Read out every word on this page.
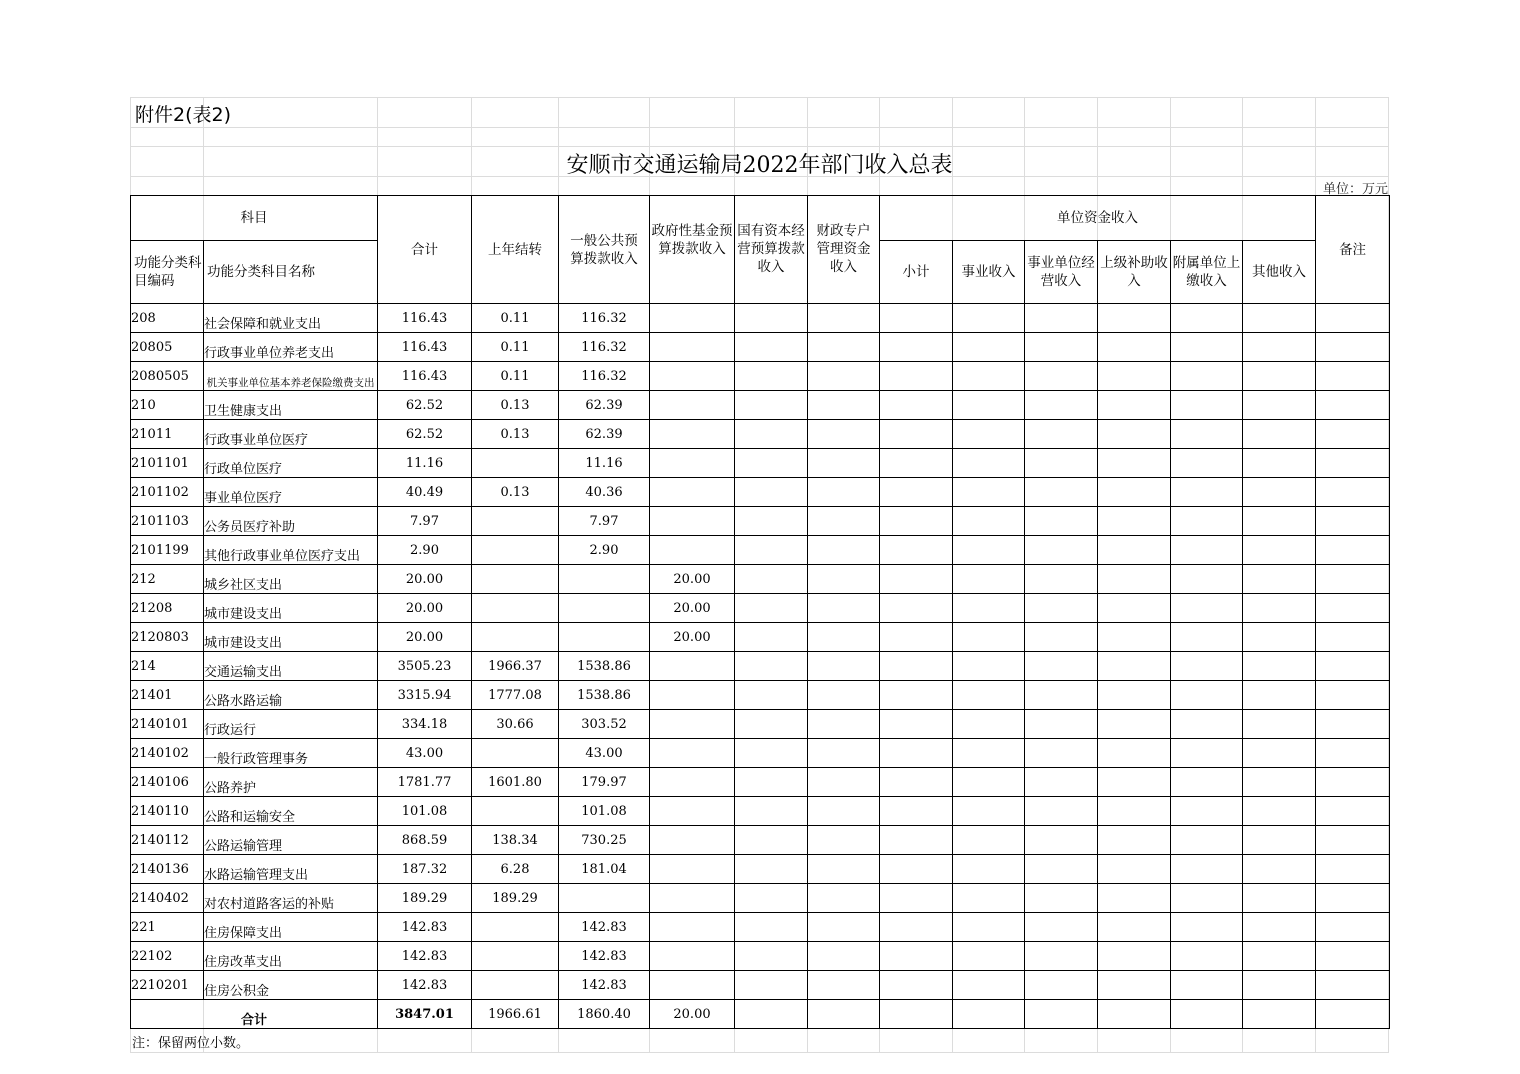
附件2(表2)
安顺市交通运输局2022年部门收入总表
单位：万元
科目		合计	上年结转	一般公共预算拨款收入	政府性基金预算拨款收入	国有资本经营预算拨款收入	财政专户管理资金收入	单位资金收入						备注
功能分类科目编码	功能分类科目名称							小计	事业收入	事业单位经营收入	上级补助收入	附属单位上缴收入	其他收入	
208	社会保障和就业支出	116.43	0.11	116.32										
20805	行政事业单位养老支出	116.43	0.11	116.32										
2080505	机关事业单位基本养老保险缴费支出	116.43	0.11	116.32										
210	卫生健康支出	62.52	0.13	62.39										
21011	行政事业单位医疗	62.52	0.13	62.39										
2101101	行政单位医疗	11.16		11.16										
2101102	事业单位医疗	40.49	0.13	40.36										
2101103	公务员医疗补助	7.97		7.97										
2101199	其他行政事业单位医疗支出	2.90		2.90										
212	城乡社区支出	20.00			20.00									
21208	城市建设支出	20.00			20.00									
2120803	城市建设支出	20.00			20.00									
214	交通运输支出	3505.23	1966.37	1538.86										
21401	公路水路运输	3315.94	1777.08	1538.86										
2140101	行政运行	334.18	30.66	303.52										
2140102	一般行政管理事务	43.00		43.00										
2140106	公路养护	1781.77	1601.80	179.97										
2140110	公路和运输安全	101.08		101.08										
2140112	公路运输管理	868.59	138.34	730.25										
2140136	水路运输管理支出	187.32	6.28	181.04										
2140402	对农村道路客运的补贴	189.29	189.29											
221	住房保障支出	142.83		142.83										
22102	住房改革支出	142.83		142.83										
2210201	住房公积金	142.83		142.83										
合计		3847.01	1966.61	1860.40	20.00									
注：保留两位小数。
